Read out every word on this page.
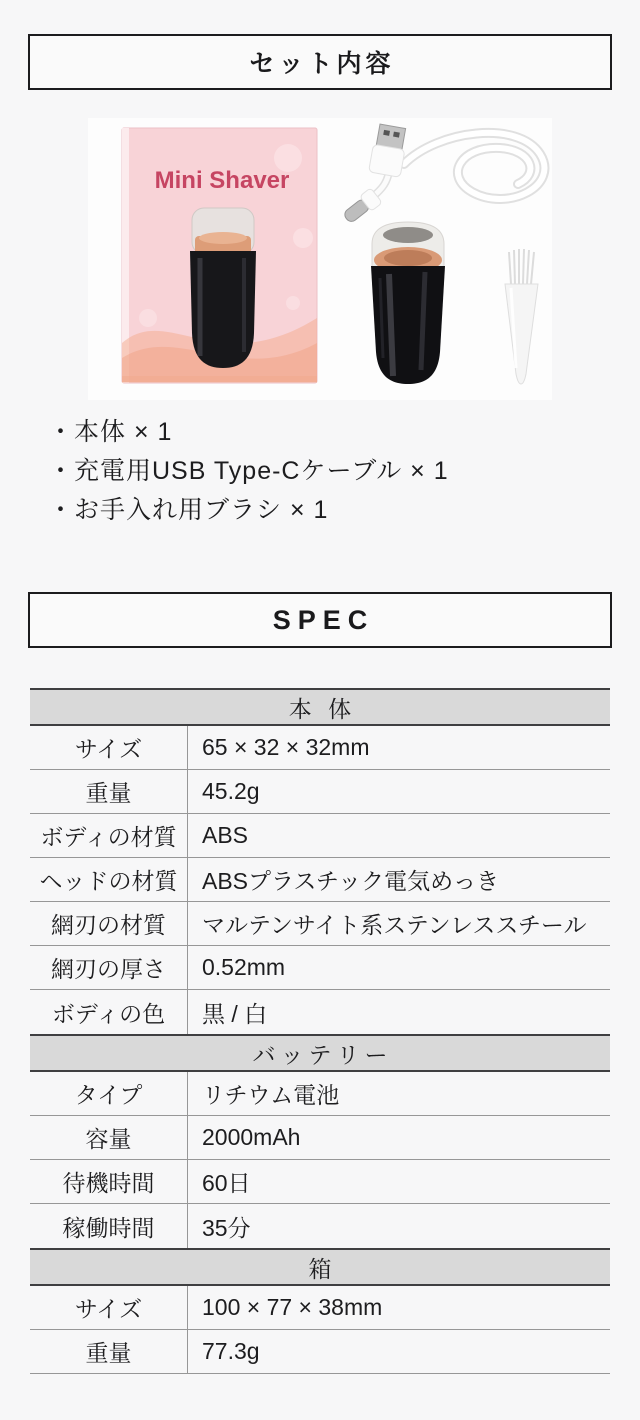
セット内容
Mini Shaver
・本体 × 1
・充電用USB Type-Cケーブル × 1
・お手入れ用ブラシ × 1
SPEC
本 体
サイズ	65 × 32 × 32mm
重量	45.2g
ボディの材質	ABS
ヘッドの材質	ABSプラスチック電気めっき
網刃の材質	マルテンサイト系ステンレススチール
網刃の厚さ	0.52mm
ボディの色	黒 / 白
バッテリー
タイプ	リチウム電池
容量	2000mAh
待機時間	60日
稼働時間	35分
箱
サイズ	100 × 77 × 38mm
重量	77.3g
